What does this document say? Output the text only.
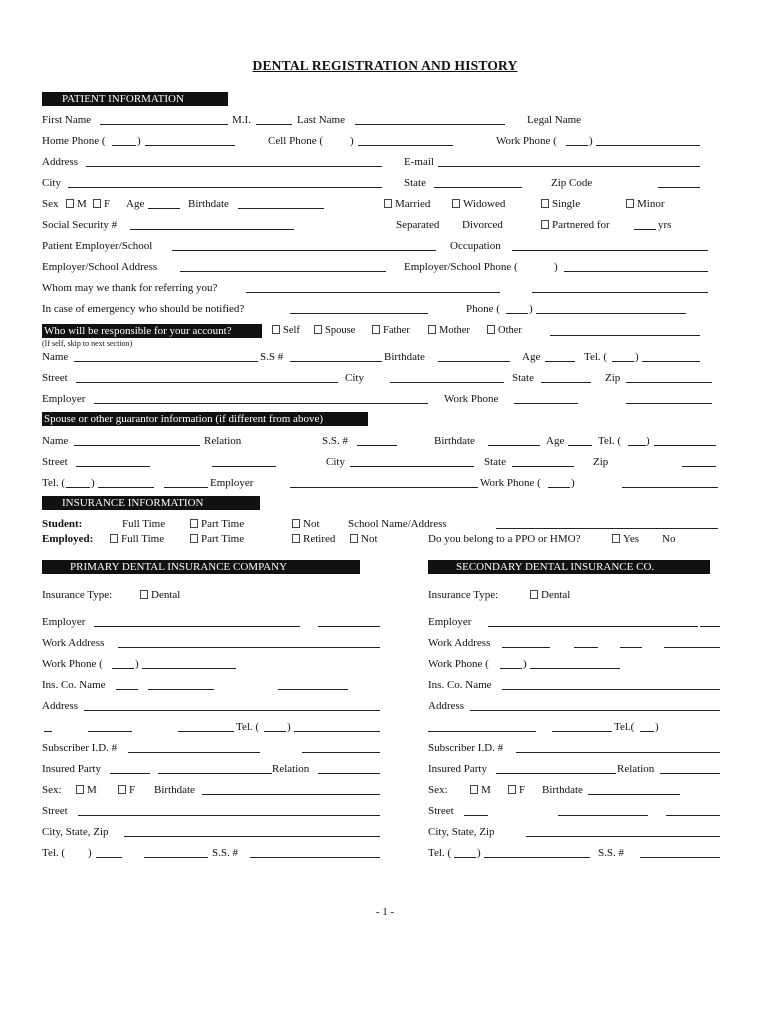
DENTAL REGISTRATION AND HISTORY
PATIENT INFORMATION
First Name	M.I.	Last Name	Legal Name
Home Phone (	)	Cell Phone ( )	Work Phone (	)
Address	E-mail
City	State	Zip Code
Sex	M	F Age	Birthdate	Married	Widowed	Single	Minor
Social Security #	Separated Divorced	Partnered for	yrs
Patient Employer/School	Occupation
Employer/School Address	Employer/School Phone (	)
Whom may we thank for referring you?
In case of emergency who should be notified?	Phone (	)
Who will be responsible for your account?	Self	Spouse	Father	Mother	Other
(If self, skip to next section)
Name	S.S #	Birthdate	Age	Tel. (	)
Street	City	State	Zip
Employer	Work Phone
Spouse or other guarantor information (if different from above)
Name	Relation	S.S. #	Birthdate	Age	Tel. ( )
Street	City	State	Zip
Tel. ( )	Employer	Work Phone (	)
INSURANCE INFORMATION
Student:	Full Time	Part Time	Not	School Name/Address
Employed:	Full Time	Part Time	Retired	Not	Do you belong to a PPO or HMO?	Yes No
PRIMARY DENTAL INSURANCE COMPANY	SECONDARY DENTAL INSURANCE CO.
Insurance Type:	Dental
Employer
Work Address
Work Phone (	)
Ins. Co. Name
Address
Tel. (	)
Subscriber I.D. #
Insured Party	Relation
Sex:	M	F Birthdate
Street
City, State, Zip
Tel. ( )	S.S. #
Insurance Type:	Dental
Employer
Work Address
Work Phone (	)
Ins. Co. Name
Address
Tel.( )
Subscriber I.D. #
Insured Party	Relation
Sex:	M	F Birthdate
Street
City, State, Zip
Tel. ( )	S.S. #
- 1 -
